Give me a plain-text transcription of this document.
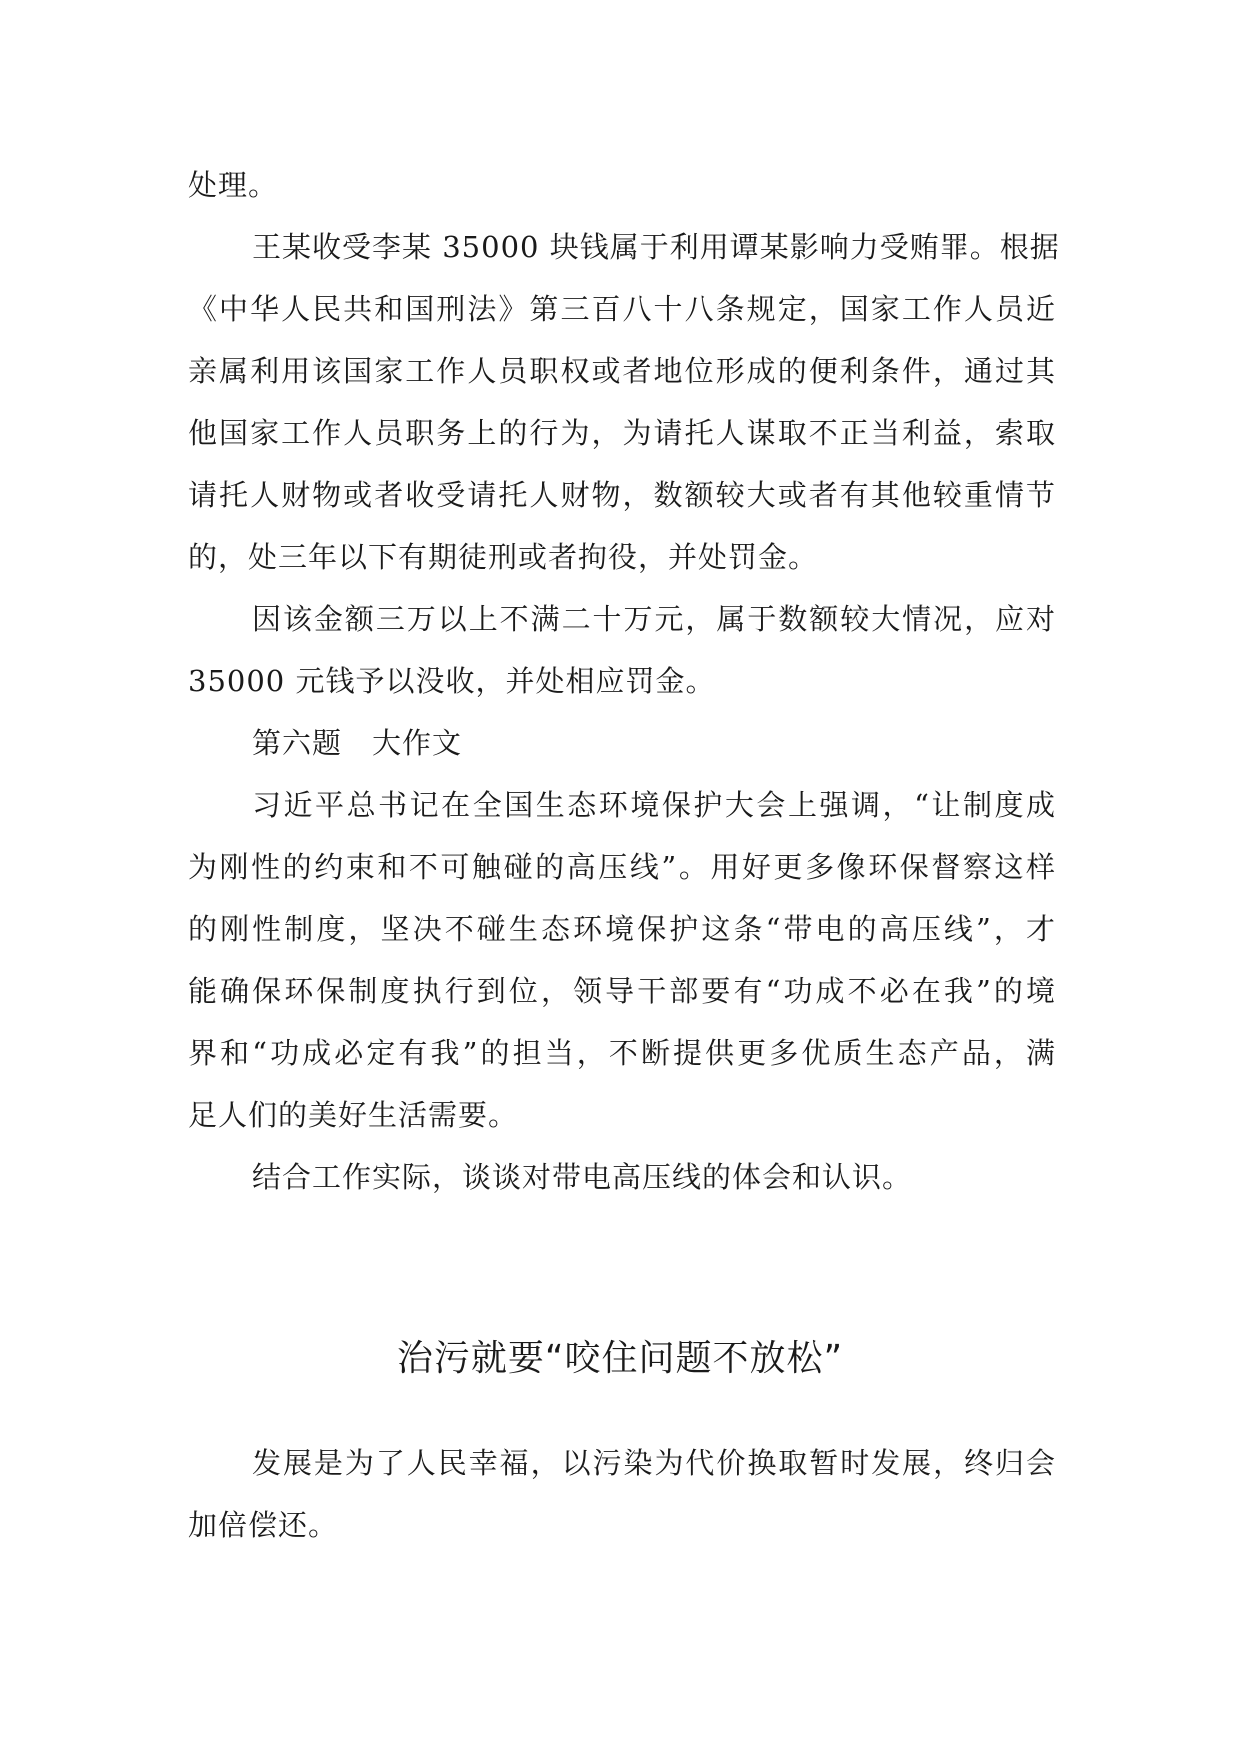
处理。
王某收受李某 35000 块钱属于利用谭某影响力受贿罪。根据
《中华人民共和国刑法》第三百八十八条规定，国家工作人员近
亲属利用该国家工作人员职权或者地位形成的便利条件，通过其
他国家工作人员职务上的行为，为请托人谋取不正当利益，索取
请托人财物或者收受请托人财物，数额较大或者有其他较重情节
的，处三年以下有期徒刑或者拘役，并处罚金。
因该金额三万以上不满二十万元，属于数额较大情况，应对
35000 元钱予以没收，并处相应罚金。
第六题　大作文
习近平总书记在全国生态环境保护大会上强调，“让制度成
为刚性的约束和不可触碰的高压线”。用好更多像环保督察这样
的刚性制度，坚决不碰生态环境保护这条“带电的高压线”，才
能确保环保制度执行到位，领导干部要有“功成不必在我”的境
界和“功成必定有我”的担当，不断提供更多优质生态产品，满
足人们的美好生活需要。
结合工作实际，谈谈对带电高压线的体会和认识。
治污就要“咬住问题不放松”
发展是为了人民幸福，以污染为代价换取暂时发展，终归会
加倍偿还。
